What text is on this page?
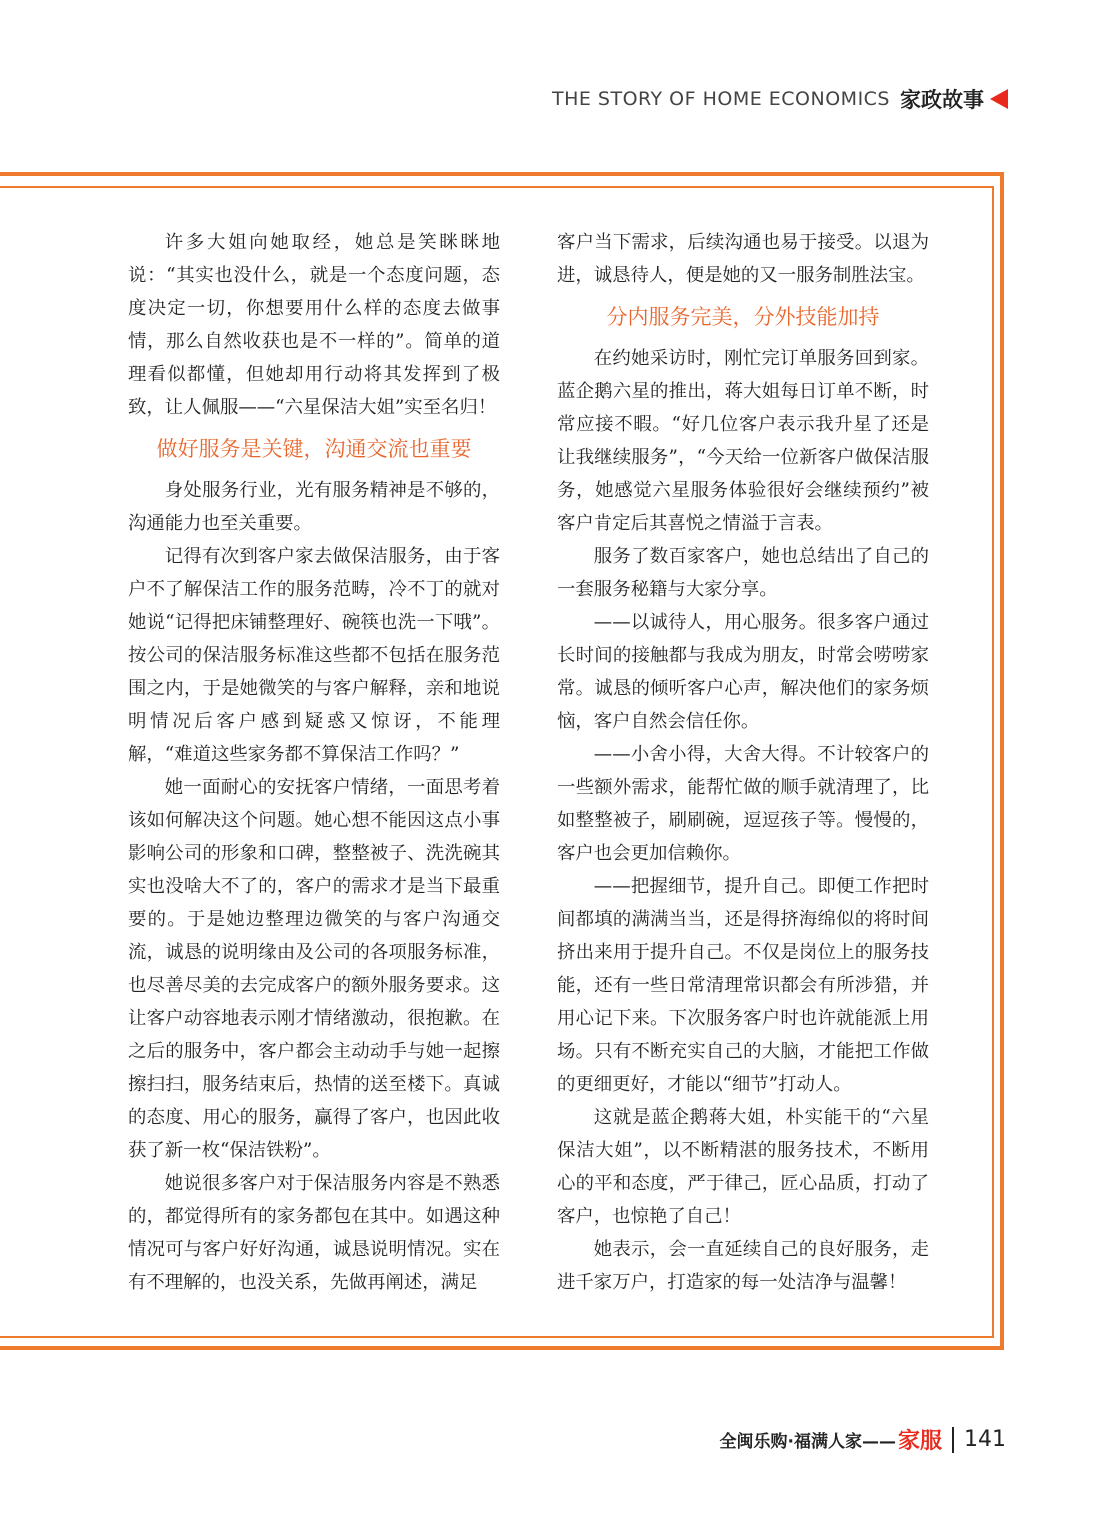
THE STORY OF HOME ECONOMICS 家政故事

许多大姐向她取经，她总是笑眯眯地说：“其实也没什么，就是一个态度问题，态度决定一切，你想要用什么样的态度去做事情，那么自然收获也是不一样的”。简单的道理看似都懂，但她却用行动将其发挥到了极致，让人佩服——“六星保洁大姐”实至名归！

做好服务是关键，沟通交流也重要

身处服务行业，光有服务精神是不够的，沟通能力也至关重要。

记得有次到客户家去做保洁服务，由于客户不了解保洁工作的服务范畴，冷不丁的就对她说“记得把床铺整理好、碗筷也洗一下哦”。按公司的保洁服务标准这些都不包括在服务范围之内，于是她微笑的与客户解释，亲和地说明情况后客户感到疑惑又惊讶，不能理解，“难道这些家务都不算保洁工作吗？”

她一面耐心的安抚客户情绪，一面思考着该如何解决这个问题。她心想不能因这点小事影响公司的形象和口碑，整整被子、洗洗碗其实也没啥大不了的，客户的需求才是当下最重要的。于是她边整理边微笑的与客户沟通交流，诚恳的说明缘由及公司的各项服务标准，也尽善尽美的去完成客户的额外服务要求。这让客户动容地表示刚才情绪激动，很抱歉。在之后的服务中，客户都会主动动手与她一起擦擦扫扫，服务结束后，热情的送至楼下。真诚的态度、用心的服务，赢得了客户，也因此收获了新一枚“保洁铁粉”。

她说很多客户对于保洁服务内容是不熟悉的，都觉得所有的家务都包在其中。如遇这种情况可与客户好好沟通，诚恳说明情况。实在有不理解的，也没关系，先做再阐述，满足

客户当下需求，后续沟通也易于接受。以退为进，诚恳待人，便是她的又一服务制胜法宝。

分内服务完美，分外技能加持

在约她采访时，刚忙完订单服务回到家。蓝企鹅六星的推出，蒋大姐每日订单不断，时常应接不暇。“好几位客户表示我升星了还是让我继续服务”，“今天给一位新客户做保洁服务，她感觉六星服务体验很好会继续预约”被客户肯定后其喜悦之情溢于言表。

服务了数百家客户，她也总结出了自己的一套服务秘籍与大家分享。

——以诚待人，用心服务。很多客户通过长时间的接触都与我成为朋友，时常会唠唠家常。诚恳的倾听客户心声，解决他们的家务烦恼，客户自然会信任你。

——小舍小得，大舍大得。不计较客户的一些额外需求，能帮忙做的顺手就清理了，比如整整被子，刷刷碗，逗逗孩子等。慢慢的，客户也会更加信赖你。

——把握细节，提升自己。即便工作把时间都填的满满当当，还是得挤海绵似的将时间挤出来用于提升自己。不仅是岗位上的服务技能，还有一些日常清理常识都会有所涉猎，并用心记下来。下次服务客户时也许就能派上用场。只有不断充实自己的大脑，才能把工作做的更细更好，才能以“细节”打动人。

这就是蓝企鹅蒋大姐，朴实能干的“六星保洁大姐”，以不断精湛的服务技术，不断用心的平和态度，严于律己，匠心品质，打动了客户，也惊艳了自己！

她表示，会一直延续自己的良好服务，走进千家万户，打造家的每一处洁净与温馨！

全闽乐购·福满人家—— 家服 141
